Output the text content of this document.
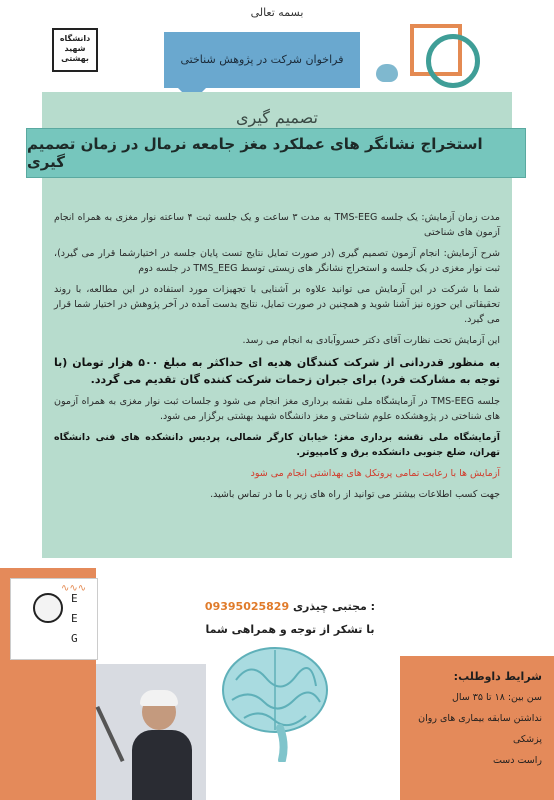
بسمه تعالی
دانشگاه شهید بهشتی	فراخوان شرکت در پژوهش شناختی
تصمیم گیری
استخراج نشانگر های عملکرد مغز جامعه نرمال در زمان تصمیم گیری

مدت زمان آزمایش: یک جلسه TMS-EEG به مدت ۳ ساعت و یک جلسه ثبت ۴ ساعته نوار مغزی به همراه انجام آزمون های شناختی

شرح آزمایش: انجام آزمون تصمیم گیری (در صورت تمایل نتایج تست پایان جلسه در اختیارشما قرار می گیرد)، ثبت نوار مغزی در یک جلسه و استخراج نشانگر های زیستی توسط TMS_EEG در جلسه دوم

شما با شرکت در این آزمایش می توانید علاوه بر آشنایی با تجهیزات مورد استفاده در این مطالعه، با روند تحقیقاتی این حوزه نیز آشنا شوید و همچنین در صورت تمایل، نتایج بدست آمده در آخر پژوهش در اختیار شما قرار می گیرد.

این آزمایش تحت نظارت آقای دکتر خسروآبادی به انجام می رسد.

به منظور قدردانی از شرکت کنندگان هدیه ای حداکثر به مبلغ ۵۰۰ هزار تومان (با توجه به مشارکت فرد) برای جبران زحمات شرکت کننده گان تقدیم می گردد.

جلسه TMS-EEG در آزمایشگاه ملی نقشه برداری مغز انجام می شود و جلسات ثبت نوار مغزی به همراه آزمون های شناختی در پژوهشکده علوم شناختی و مغز دانشگاه شهید بهشتی برگزار می شود.

آزمایشگاه ملی نقشه برداری مغز: خیابان کارگر شمالی، پردیس دانشکده های فنی دانشگاه تهران، ضلع جنوبی دانشکده برق و کامپیوتر.

آزمایش ها با رعایت تمامی پروتکل های بهداشتی انجام می شود

جهت کسب اطلاعات بیشتر می توانید از راه های زیر با ما در تماس باشید.

: مجتبی چیذری 09395025829
با تشکر از توجه و همراهی شما
∿∿∿
E
E
G
شرایط داوطلب:
سن بین: ۱۸ تا ۳۵ سال
نداشتن سابقه بیماری های روان پزشکی
راست دست
